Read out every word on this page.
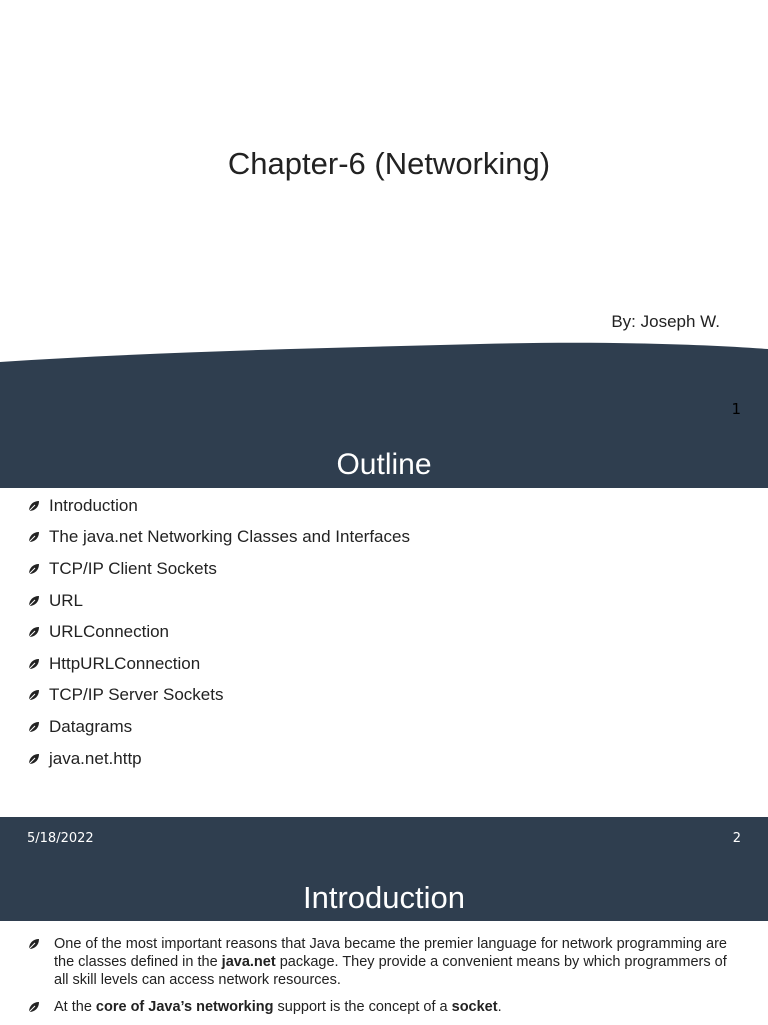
Chapter-6 (Networking)
By: Joseph W.
1
Outline
Introduction
The java.net Networking Classes and Interfaces
TCP/IP Client Sockets
URL
URLConnection
HttpURLConnection
TCP/IP Server Sockets
Datagrams
java.net.http
5/18/2022	2
Introduction
One of the most important reasons that Java became the premier language for network programming are the classes defined in the java.net package. They provide a convenient means by which programmers of all skill levels can access network resources.
At the core of Java’s networking support is the concept of a socket.
